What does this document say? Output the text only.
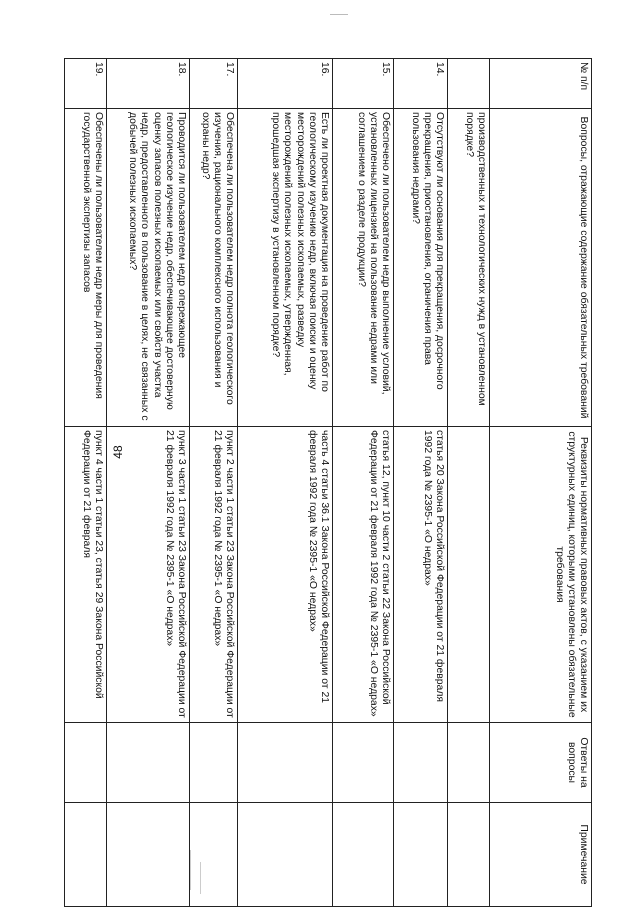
48
№ п/п	Вопросы, отражающие содержание обязательных требований	Реквизиты нормативных правовых актов, с указанием их структурных единиц, которыми установлены обязательные требования	Ответы на вопросы	Примечание
	производственных и технологических нужд в установленном порядке?			
14.	Отсутствуют ли основания для прекращения, досрочного прекращения, приостановления, ограничения права пользования недрами?	статья 20 Закона Российской Федерации от 21 февраля 1992 года № 2395-1 «О недрах»		
15.	Обеспечено ли пользователем недр выполнение условий, установленных лицензией на пользование недрами или соглашением о разделе продукции?	статья 12, пункт 10 части 2 статьи 22 Закона Российской Федерации от 21 февраля 1992 года № 2395-1 «О недрах»		
16.	Есть ли проектная документация на проведение работ по геологическому изучению недр, включая поиски и оценку месторождений полезных ископаемых, разведку месторождений полезных ископаемых, утвержденная, прошедшая экспертизу в установленном порядке?	часть 4 статьи 36.1 Закона Российской Федерации от 21 февраля 1992 года № 2395-1 «О недрах»		
17.	Обеспечена ли пользователем недр полнота геологического изучения, рационального комплексного использования и охраны недр?	пункт 2 части 1 статьи 23 Закона Российской Федерации от 21 февраля 1992 года № 2395-1 «О недрах»		
18.	Проводится ли пользователем недр опережающее геологическое изучение недр, обеспечивающее достоверную оценку запасов полезных ископаемых или свойств участка недр, предоставленного в пользование в целях, не связанных с добычей полезных ископаемых?	пункт 3 части 1 статьи 23 Закона Российской Федерации от 21 февраля 1992 года № 2395-1 «О недрах»		
19.	Обеспечены ли пользователем недр меры для проведения государственной экспертизы запасов	пункт 4 части 1 статьи 23, статья 29 Закона Российской Федерации от 21 февраля		
